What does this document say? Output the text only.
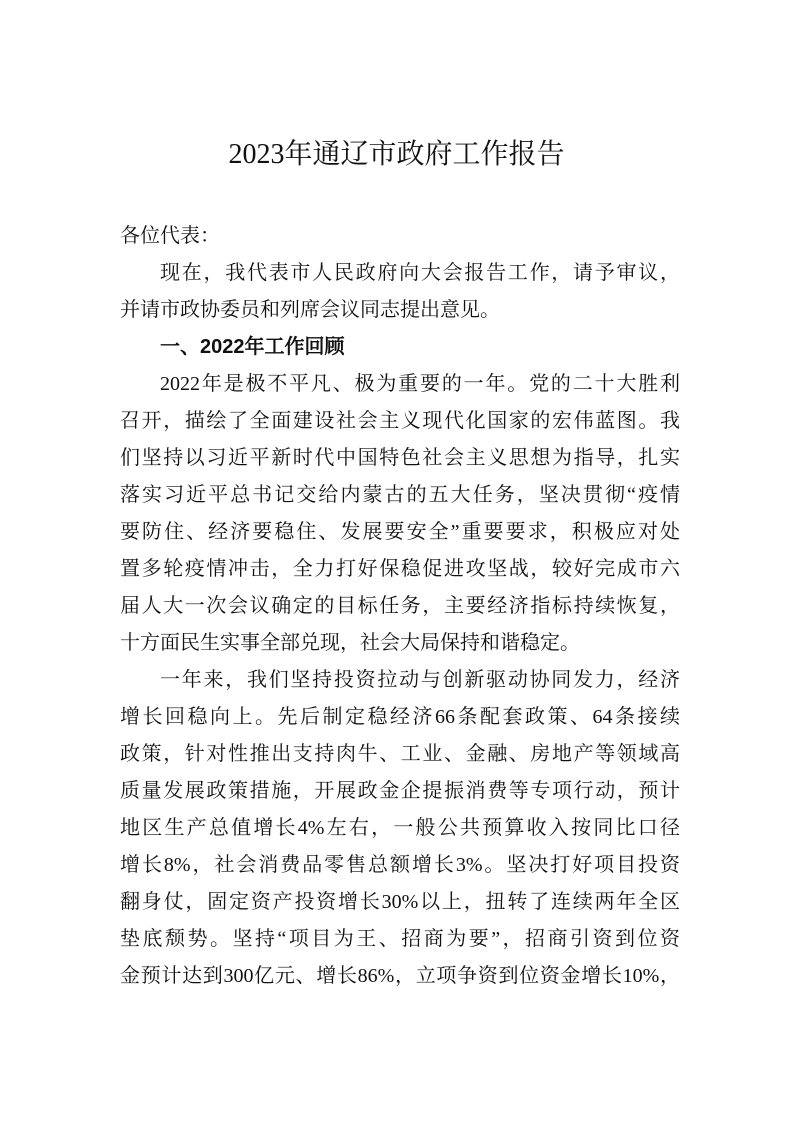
2023年通辽市政府工作报告
各位代表：
现在，我代表市人民政府向大会报告工作，请予审议，
并请市政协委员和列席会议同志提出意见。
一、2022年工作回顾
2022年是极不平凡、极为重要的一年。党的二十大胜利
召开，描绘了全面建设社会主义现代化国家的宏伟蓝图。我
们坚持以习近平新时代中国特色社会主义思想为指导，扎实
落实习近平总书记交给内蒙古的五大任务，坚决贯彻“疫情
要防住、经济要稳住、发展要安全”重要要求，积极应对处
置多轮疫情冲击，全力打好保稳促进攻坚战，较好完成市六
届人大一次会议确定的目标任务，主要经济指标持续恢复，
十方面民生实事全部兑现，社会大局保持和谐稳定。
一年来，我们坚持投资拉动与创新驱动协同发力，经济
增长回稳向上。先后制定稳经济66条配套政策、64条接续
政策，针对性推出支持肉牛、工业、金融、房地产等领域高
质量发展政策措施，开展政金企提振消费等专项行动，预计
地区生产总值增长4%左右，一般公共预算收入按同比口径
增长8%，社会消费品零售总额增长3%。坚决打好项目投资
翻身仗，固定资产投资增长30%以上，扭转了连续两年全区
垫底颓势。坚持“项目为王、招商为要”，招商引资到位资
金预计达到300亿元、增长86%，立项争资到位资金增长10%，
